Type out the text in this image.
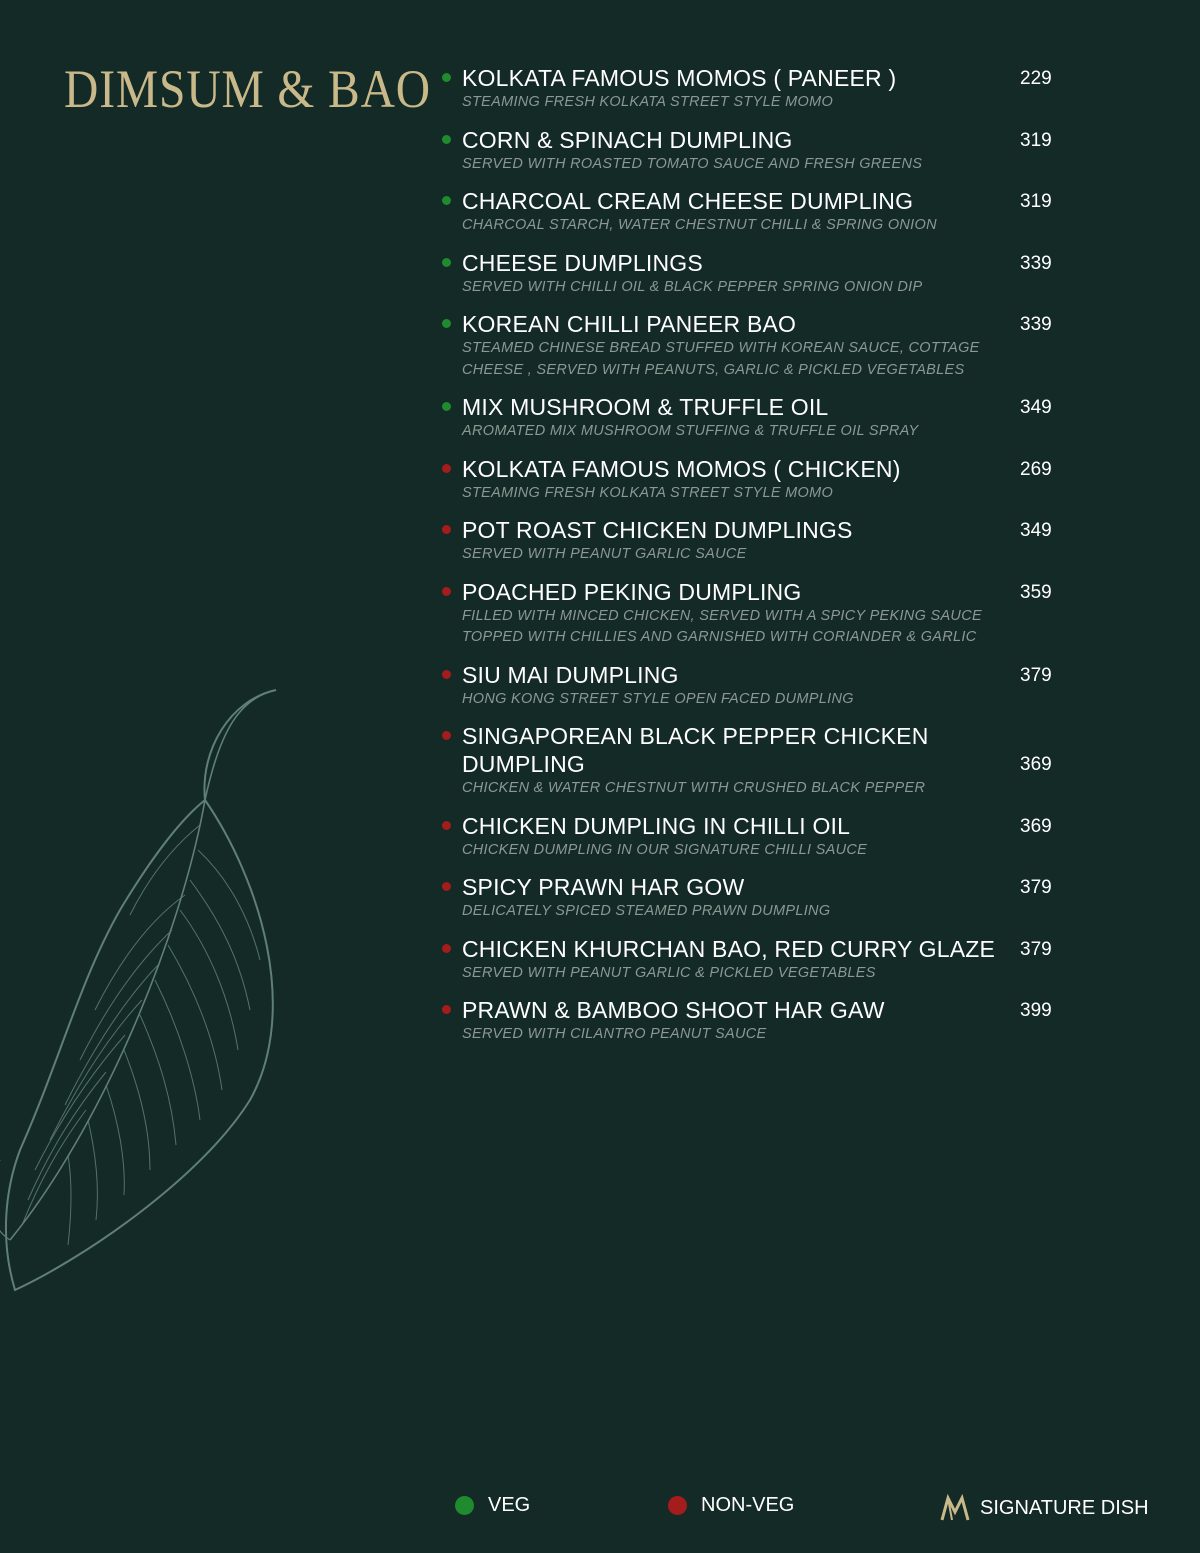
DIMSUM & BAO KOLKATA FAMOUS MOMOS ( PANEER )
STEAMING FRESH KOLKATA STREET STYLE MOMO
229
CORN & SPINACH DUMPLING
SERVED WITH ROASTED TOMATO SAUCE AND FRESH GREENS
319
CHARCOAL CREAM CHEESE DUMPLING
CHARCOAL STARCH, WATER CHESTNUT CHILLI & SPRING ONION
319
CHEESE DUMPLINGS
SERVED WITH CHILLI OIL & BLACK PEPPER SPRING ONION DIP
339
KOREAN CHILLI PANEER BAO
STEAMED CHINESE BREAD STUFFED WITH KOREAN SAUCE, COTTAGE CHEESE , SERVED WITH PEANUTS, GARLIC & PICKLED VEGETABLES
339
MIX MUSHROOM & TRUFFLE OIL
AROMATED MIX MUSHROOM STUFFING & TRUFFLE OIL SPRAY
349
KOLKATA FAMOUS MOMOS ( CHICKEN)
STEAMING FRESH KOLKATA STREET STYLE MOMO
269
POT ROAST CHICKEN DUMPLINGS
SERVED WITH PEANUT GARLIC SAUCE
349
POACHED PEKING DUMPLING
FILLED WITH MINCED CHICKEN, SERVED WITH A SPICY PEKING SAUCE TOPPED WITH CHILLIES AND GARNISHED WITH CORIANDER & GARLIC
359
SIU MAI DUMPLING
HONG KONG STREET STYLE OPEN FACED DUMPLING
379
SINGAPOREAN BLACK PEPPER CHICKEN DUMPLING
CHICKEN & WATER CHESTNUT WITH CRUSHED BLACK PEPPER
369
CHICKEN DUMPLING IN CHILLI OIL
CHICKEN DUMPLING IN OUR SIGNATURE CHILLI SAUCE
369
SPICY PRAWN HAR GOW
DELICATELY SPICED STEAMED PRAWN DUMPLING
379
CHICKEN KHURCHAN BAO, RED CURRY GLAZE
SERVED WITH PEANUT GARLIC & PICKLED VEGETABLES
379
PRAWN & BAMBOO SHOOT HAR GAW
SERVED WITH CILANTRO PEANUT SAUCE
399
VEG	NON-VEG	SIGNATURE DISH
